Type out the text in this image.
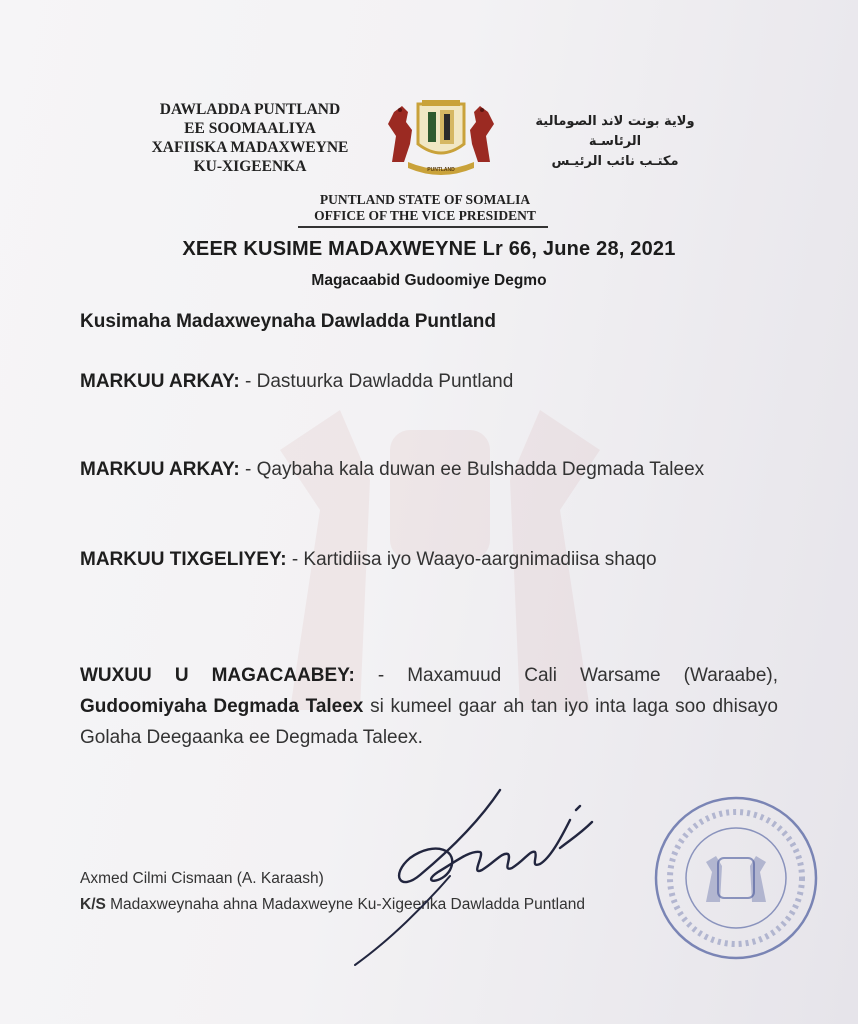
DAWLADDA PUNTLAND
EE SOOMAALIYA
XAFIISKA MADAXWEYNE
KU-XIGEENKA	PUNTLAND
ولاية بونت لاند الصومالية
الرئاسـة
مكتـب نائب الرئيـس
PUNTLAND STATE OF SOMALIA
OFFICE OF THE VICE PRESIDENT
XEER KUSIME MADAXWEYNE Lr 66, June 28, 2021
Magacaabid Gudoomiye Degmo
Kusimaha Madaxweynaha Dawladda Puntland
MARKUU ARKAY: - Dastuurka Dawladda Puntland
MARKUU ARKAY: - Qaybaha kala duwan ee Bulshadda Degmada Taleex
MARKUU TIXGELIYEY: - Kartidiisa iyo Waayo-aargnimadiisa shaqo
WUXUU U MAGACAABEY: - Maxamuud Cali Warsame (Waraabe), Gudoomiyaha Degmada Taleex si kumeel gaar ah tan iyo inta laga soo dhisayo Golaha Deegaanka ee Degmada Taleex.
Axmed Cilmi Cismaan (A. Karaash)
K/S Madaxweynaha ahna Madaxweyne Ku-Xigeenka Dawladda Puntland
